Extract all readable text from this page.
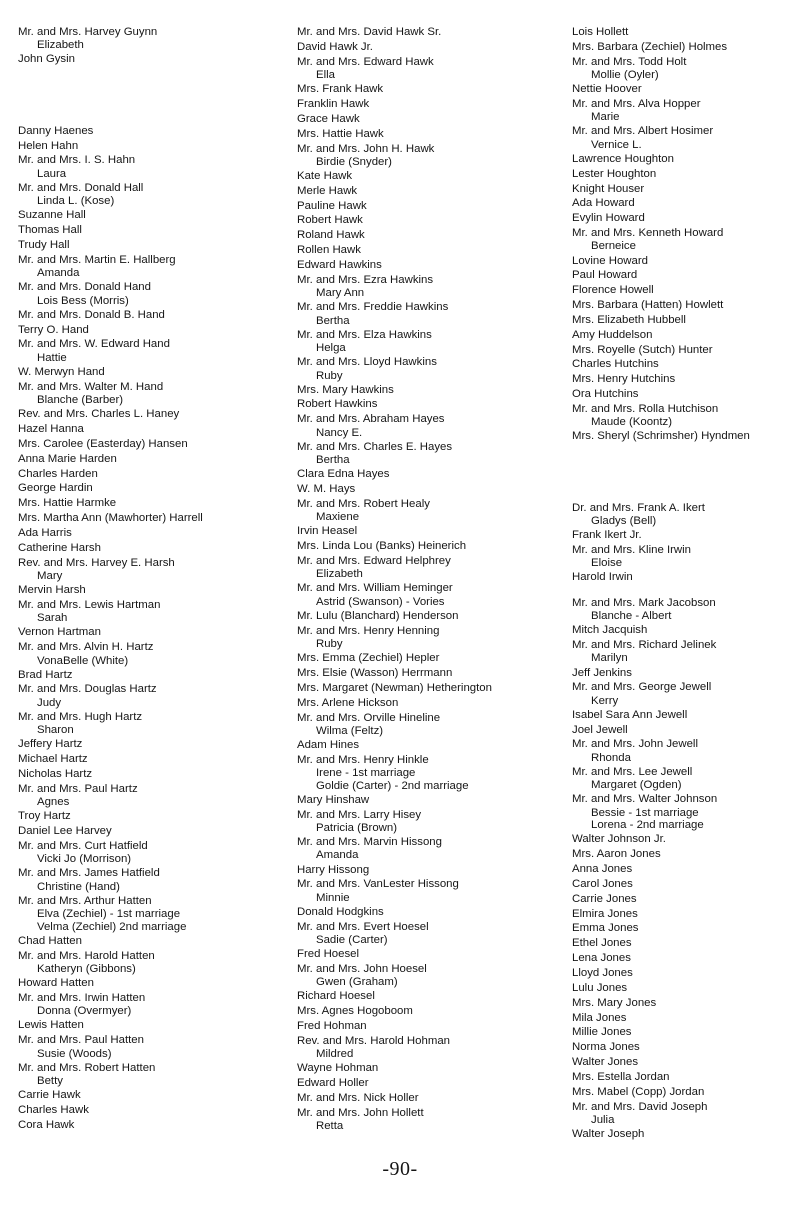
Mr. and Mrs. Harvey Guynn
Elizabeth
John Gysin
Danny Haenes
Helen Hahn
Mr. and Mrs. I. S. Hahn
Laura
Mr. and Mrs. Donald Hall
Linda L. (Kose)
Suzanne Hall
Thomas Hall
Trudy Hall
Mr. and Mrs. Martin E. Hallberg
Amanda
Mr. and Mrs. Donald Hand
Lois Bess (Morris)
Mr. and Mrs. Donald B. Hand
Terry O. Hand
Mr. and Mrs. W. Edward Hand
Hattie
W. Merwyn Hand
Mr. and Mrs. Walter M. Hand
Blanche (Barber)
Rev. and Mrs. Charles L. Haney
Hazel Hanna
Mrs. Carolee (Easterday) Hansen
Anna Marie Harden
Charles Harden
George Hardin
Mrs. Hattie Harmke
Mrs. Martha Ann (Mawhorter) Harrell
Ada Harris
Catherine Harsh
Rev. and Mrs. Harvey E. Harsh
Mary
Mervin Harsh
Mr. and Mrs. Lewis Hartman
Sarah
Vernon Hartman
Mr. and Mrs. Alvin H. Hartz
VonaBelle (White)
Brad Hartz
Mr. and Mrs. Douglas Hartz
Judy
Mr. and Mrs. Hugh Hartz
Sharon
Jeffery Hartz
Michael Hartz
Nicholas Hartz
Mr. and Mrs. Paul Hartz
Agnes
Troy Hartz
Daniel Lee Harvey
Mr. and Mrs. Curt Hatfield
Vicki Jo (Morrison)
Mr. and Mrs. James Hatfield
Christine (Hand)
Mr. and Mrs. Arthur Hatten
Elva (Zechiel) - 1st marriage
Velma (Zechiel) 2nd marriage
Chad Hatten
Mr. and Mrs. Harold Hatten
Katheryn (Gibbons)
Howard Hatten
Mr. and Mrs. Irwin Hatten
Donna (Overmyer)
Lewis Hatten
Mr. and Mrs. Paul Hatten
Susie (Woods)
Mr. and Mrs. Robert Hatten
Betty
Carrie Hawk
Charles Hawk
Cora Hawk
Mr. and Mrs. David Hawk Sr.
David Hawk Jr.
Mr. and Mrs. Edward Hawk
Ella
Mrs. Frank Hawk
Franklin Hawk
Grace Hawk
Mrs. Hattie Hawk
Mr. and Mrs. John H. Hawk
Birdie (Snyder)
Kate Hawk
Merle Hawk
Pauline Hawk
Robert Hawk
Roland Hawk
Rollen Hawk
Edward Hawkins
Mr. and Mrs. Ezra Hawkins
Mary Ann
Mr. and Mrs. Freddie Hawkins
Bertha
Mr. and Mrs. Elza Hawkins
Helga
Mr. and Mrs. Lloyd Hawkins
Ruby
Mrs. Mary Hawkins
Robert Hawkins
Mr. and Mrs. Abraham Hayes
Nancy E.
Mr. and Mrs. Charles E. Hayes
Bertha
Clara Edna Hayes
W. M. Hays
Mr. and Mrs. Robert Healy
Maxiene
Irvin Heasel
Mrs. Linda Lou (Banks) Heinerich
Mr. and Mrs. Edward Helphrey
Elizabeth
Mr. and Mrs. William Heminger
Astrid (Swanson) - Vories
Mr. Lulu (Blanchard) Henderson
Mr. and Mrs. Henry Henning
Ruby
Mrs. Emma (Zechiel) Hepler
Mrs. Elsie (Wasson) Herrmann
Mrs. Margaret (Newman) Hetherington
Mrs. Arlene Hickson
Mr. and Mrs. Orville Hineline
Wilma (Feltz)
Adam Hines
Mr. and Mrs. Henry Hinkle
Irene - 1st marriage
Goldie (Carter) - 2nd marriage
Mary Hinshaw
Mr. and Mrs. Larry Hisey
Patricia (Brown)
Mr. and Mrs. Marvin Hissong
Amanda
Harry Hissong
Mr. and Mrs. VanLester Hissong
Minnie
Donald Hodgkins
Mr. and Mrs. Evert Hoesel
Sadie (Carter)
Fred Hoesel
Mr. and Mrs. John Hoesel
Gwen (Graham)
Richard Hoesel
Mrs. Agnes Hogoboom
Fred Hohman
Rev. and Mrs. Harold Hohman
Mildred
Wayne Hohman
Edward Holler
Mr. and Mrs. Nick Holler
Mr. and Mrs. John Hollett
Retta
Lois Hollett
Mrs. Barbara (Zechiel) Holmes
Mr. and Mrs. Todd Holt
Mollie (Oyler)
Nettie Hoover
Mr. and Mrs. Alva Hopper
Marie
Mr. and Mrs. Albert Hosimer
Vernice L.
Lawrence Houghton
Lester Houghton
Knight Houser
Ada Howard
Evylin Howard
Mr. and Mrs. Kenneth Howard
Berneice
Lovine Howard
Paul Howard
Florence Howell
Mrs. Barbara (Hatten) Howlett
Mrs. Elizabeth Hubbell
Amy Huddelson
Mrs. Royelle (Sutch) Hunter
Charles Hutchins
Mrs. Henry Hutchins
Ora Hutchins
Mr. and Mrs. Rolla Hutchison
Maude (Koontz)
Mrs. Sheryl (Schrimsher) Hyndmen
Dr. and Mrs. Frank A. Ikert
Gladys (Bell)
Frank Ikert Jr.
Mr. and Mrs. Kline Irwin
Eloise
Harold Irwin
Mr. and Mrs. Mark Jacobson
Blanche - Albert
Mitch Jacquish
Mr. and Mrs. Richard Jelinek
Marilyn
Jeff Jenkins
Mr. and Mrs. George Jewell
Kerry
Isabel Sara Ann Jewell
Joel Jewell
Mr. and Mrs. John Jewell
Rhonda
Mr. and Mrs. Lee Jewell
Margaret (Ogden)
Mr. and Mrs. Walter Johnson
Bessie - 1st marriage
Lorena - 2nd marriage
Walter Johnson Jr.
Mrs. Aaron Jones
Anna Jones
Carol Jones
Carrie Jones
Elmira Jones
Emma Jones
Ethel Jones
Lena Jones
Lloyd Jones
Lulu Jones
Mrs. Mary Jones
Mila Jones
Millie Jones
Norma Jones
Walter Jones
Mrs. Estella Jordan
Mrs. Mabel (Copp) Jordan
Mr. and Mrs. David Joseph
Julia
Walter Joseph
-90-
